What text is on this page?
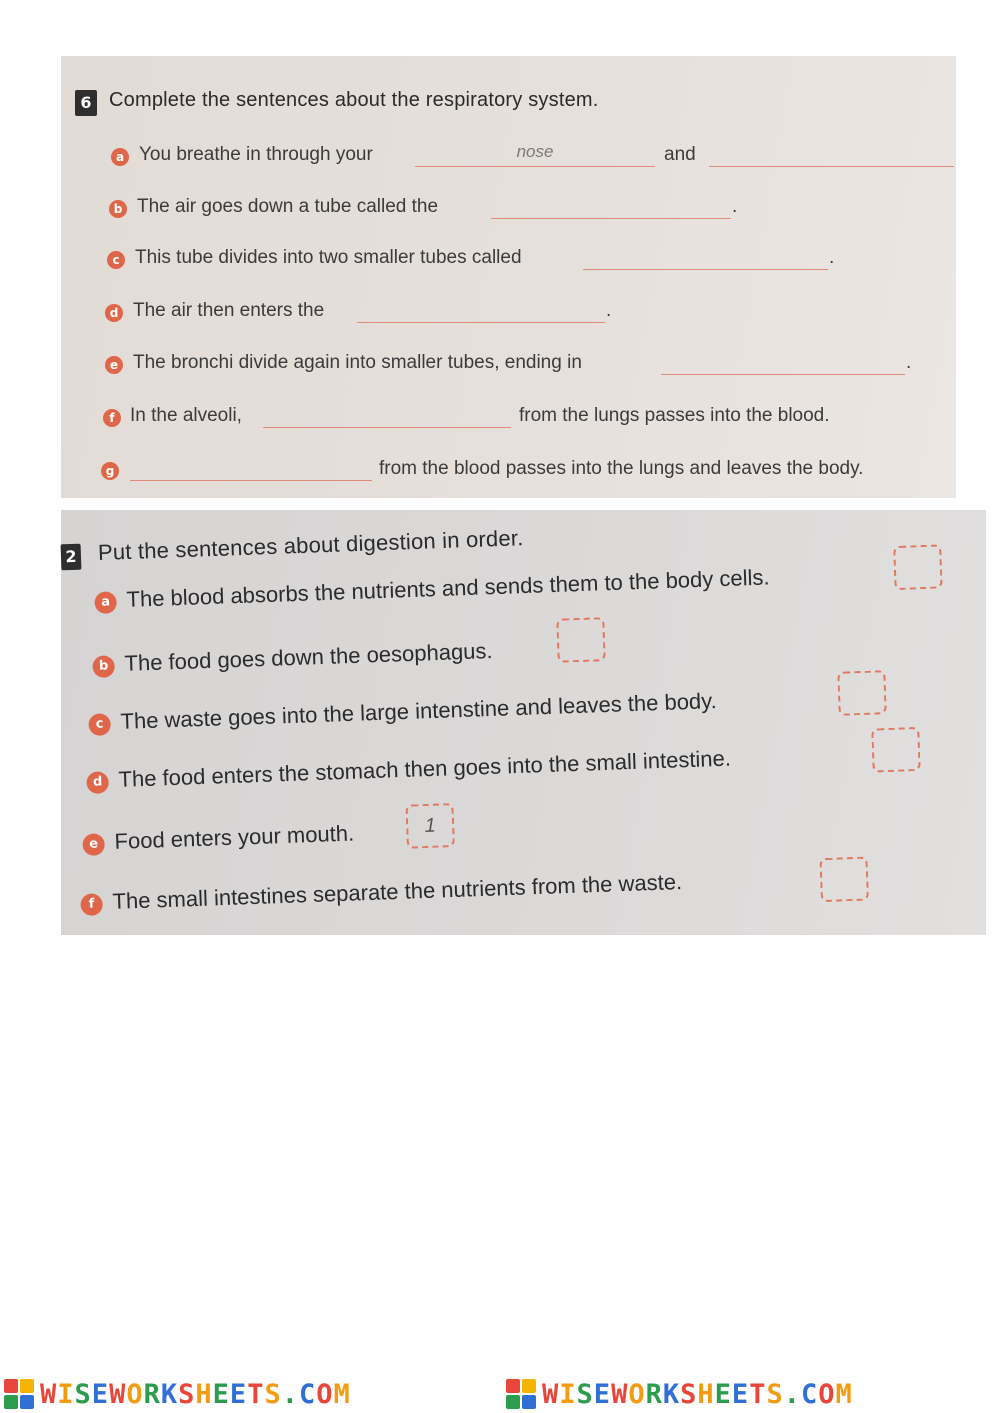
6 Complete the sentences about the respiratory system.
a You breathe in through your	nose	and
b The air goes down a tube called the	.
c This tube divides into two smaller tubes called	.
d The air then enters the	.
e The bronchi divide again into smaller tubes, ending in	.
f In the alveoli,	from the lungs passes into the blood.
g	from the blood passes into the lungs and leaves the body.
2 Put the sentences about digestion in order.
a The blood absorbs the nutrients and sends them to the body cells.
b The food goes down the oesophagus.
c The waste goes into the large intenstine and leaves the body.
d The food enters the stomach then goes into the small intestine.
e Food enters your mouth.	1
f The small intestines separate the nutrients from the waste.
WISEWORKSHEETS.COM	WISEWORKSHEETS.COM
